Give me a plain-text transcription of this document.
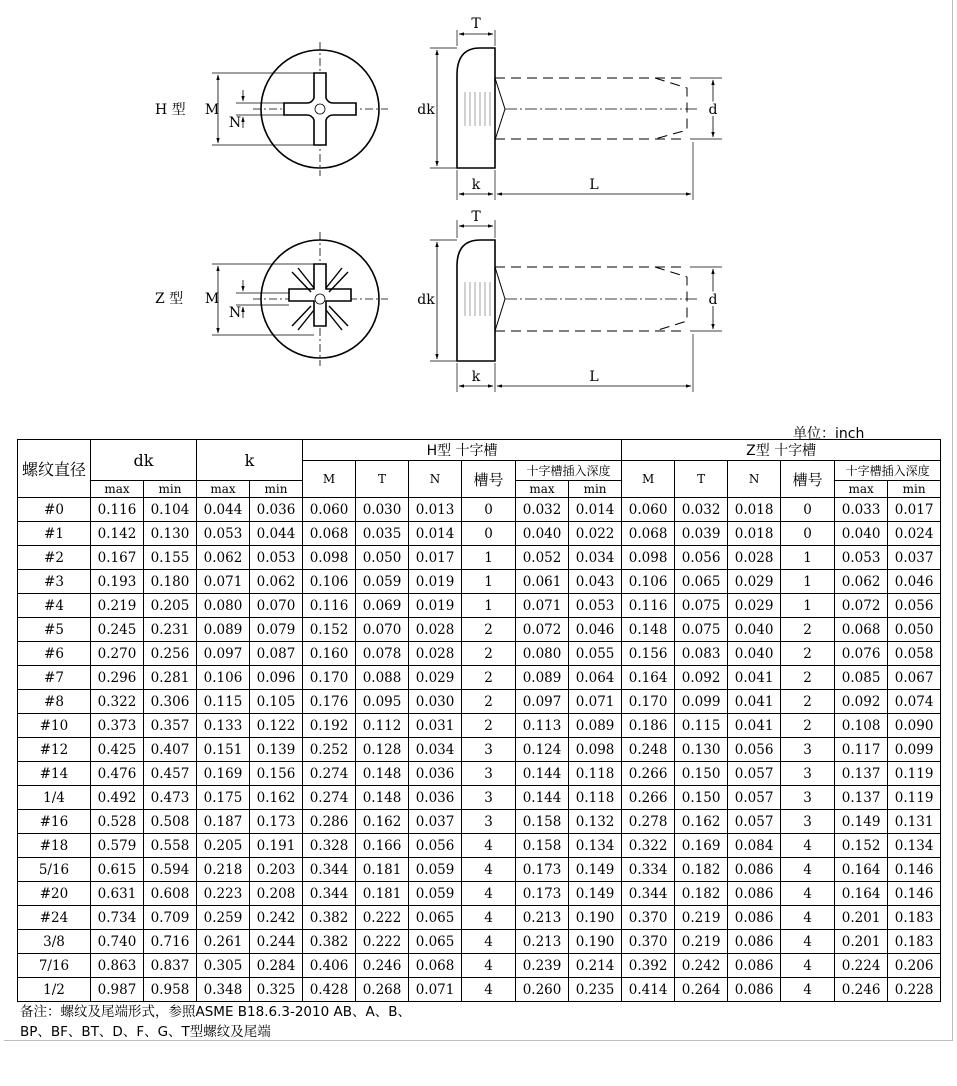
H 型 M
N
T
dk	d
k	L
Z 型 M
N
T
dk	d
k	L
单位：inch
螺纹直径	dk		k		H型 十字槽						Z型 十字槽					
					M	T	N	槽号	十字槽插入深度		M	T	N	槽号	十字槽插入深度	
	max	min	max	min					max	min					max	min
#0	0.116	0.104	0.044	0.036	0.060	0.030	0.013	0	0.032	0.014	0.060	0.032	0.018	0	0.033	0.017
#1	0.142	0.130	0.053	0.044	0.068	0.035	0.014	0	0.040	0.022	0.068	0.039	0.018	0	0.040	0.024
#2	0.167	0.155	0.062	0.053	0.098	0.050	0.017	1	0.052	0.034	0.098	0.056	0.028	1	0.053	0.037
#3	0.193	0.180	0.071	0.062	0.106	0.059	0.019	1	0.061	0.043	0.106	0.065	0.029	1	0.062	0.046
#4	0.219	0.205	0.080	0.070	0.116	0.069	0.019	1	0.071	0.053	0.116	0.075	0.029	1	0.072	0.056
#5	0.245	0.231	0.089	0.079	0.152	0.070	0.028	2	0.072	0.046	0.148	0.075	0.040	2	0.068	0.050
#6	0.270	0.256	0.097	0.087	0.160	0.078	0.028	2	0.080	0.055	0.156	0.083	0.040	2	0.076	0.058
#7	0.296	0.281	0.106	0.096	0.170	0.088	0.029	2	0.089	0.064	0.164	0.092	0.041	2	0.085	0.067
#8	0.322	0.306	0.115	0.105	0.176	0.095	0.030	2	0.097	0.071	0.170	0.099	0.041	2	0.092	0.074
#10	0.373	0.357	0.133	0.122	0.192	0.112	0.031	2	0.113	0.089	0.186	0.115	0.041	2	0.108	0.090
#12	0.425	0.407	0.151	0.139	0.252	0.128	0.034	3	0.124	0.098	0.248	0.130	0.056	3	0.117	0.099
#14	0.476	0.457	0.169	0.156	0.274	0.148	0.036	3	0.144	0.118	0.266	0.150	0.057	3	0.137	0.119
1/4	0.492	0.473	0.175	0.162	0.274	0.148	0.036	3	0.144	0.118	0.266	0.150	0.057	3	0.137	0.119
#16	0.528	0.508	0.187	0.173	0.286	0.162	0.037	3	0.158	0.132	0.278	0.162	0.057	3	0.149	0.131
#18	0.579	0.558	0.205	0.191	0.328	0.166	0.056	4	0.158	0.134	0.322	0.169	0.084	4	0.152	0.134
5/16	0.615	0.594	0.218	0.203	0.344	0.181	0.059	4	0.173	0.149	0.334	0.182	0.086	4	0.164	0.146
#20	0.631	0.608	0.223	0.208	0.344	0.181	0.059	4	0.173	0.149	0.344	0.182	0.086	4	0.164	0.146
#24	0.734	0.709	0.259	0.242	0.382	0.222	0.065	4	0.213	0.190	0.370	0.219	0.086	4	0.201	0.183
3/8	0.740	0.716	0.261	0.244	0.382	0.222	0.065	4	0.213	0.190	0.370	0.219	0.086	4	0.201	0.183
7/16	0.863	0.837	0.305	0.284	0.406	0.246	0.068	4	0.239	0.214	0.392	0.242	0.086	4	0.224	0.206
1/2	0.987	0.958	0.348	0.325	0.428	0.268	0.071	4	0.260	0.235	0.414	0.264	0.086	4	0.246	0.228
备注：螺纹及尾端形式，参照ASME B18.6.3-2010 AB、A、B、
BP、BF、BT、D、F、G、T型螺纹及尾端
